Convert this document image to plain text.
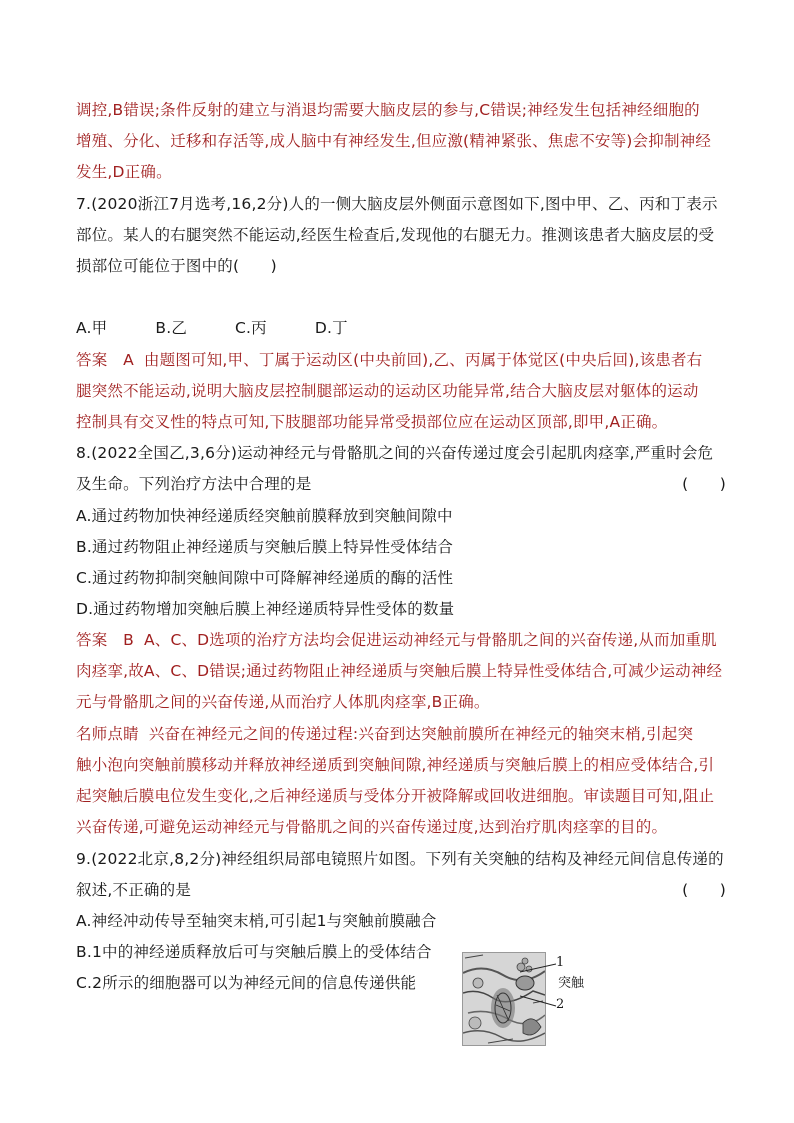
调控,B错误;条件反射的建立与消退均需要大脑皮层的参与,C错误;神经发生包括神经细胞的
增殖、分化、迁移和存活等,成人脑中有神经发生,但应激(精神紧张、焦虑不安等)会抑制神经
发生,D正确。
7.(2020浙江7月选考,16,2分)人的一侧大脑皮层外侧面示意图如下,图中甲、乙、丙和丁表示
部位。某人的右腿突然不能运动,经医生检查后,发现他的右腿无力。推测该患者大脑皮层的受
损部位可能位于图中的(　　)
A.甲	B.乙	C.丙	D.丁
答案　A 由题图可知,甲、丁属于运动区(中央前回),乙、丙属于体觉区(中央后回),该患者右
腿突然不能运动,说明大脑皮层控制腿部运动的运动区功能异常,结合大脑皮层对躯体的运动
控制具有交叉性的特点可知,下肢腿部功能异常受损部位应在运动区顶部,即甲,A正确。
8.(2022全国乙,3,6分)运动神经元与骨骼肌之间的兴奋传递过度会引起肌肉痉挛,严重时会危
及生命。下列治疗方法中合理的是	(　　)
A.通过药物加快神经递质经突触前膜释放到突触间隙中
B.通过药物阻止神经递质与突触后膜上特异性受体结合
C.通过药物抑制突触间隙中可降解神经递质的酶的活性
D.通过药物增加突触后膜上神经递质特异性受体的数量
答案　B A、C、D选项的治疗方法均会促进运动神经元与骨骼肌之间的兴奋传递,从而加重肌
肉痉挛,故A、C、D错误;通过药物阻止神经递质与突触后膜上特异性受体结合,可减少运动神经
元与骨骼肌之间的兴奋传递,从而治疗人体肌肉痉挛,B正确。
名师点睛 兴奋在神经元之间的传递过程:兴奋到达突触前膜所在神经元的轴突末梢,引起突
触小泡向突触前膜移动并释放神经递质到突触间隙,神经递质与突触后膜上的相应受体结合,引
起突触后膜电位发生变化,之后神经递质与受体分开被降解或回收进细胞。审读题目可知,阻止
兴奋传递,可避免运动神经元与骨骼肌之间的兴奋传递过度,达到治疗肌肉痉挛的目的。
9.(2022北京,8,2分)神经组织局部电镜照片如图。下列有关突触的结构及神经元间信息传递的
叙述,不正确的是	(　　)
A.神经冲动传导至轴突末梢,可引起1与突触前膜融合
B.1中的神经递质释放后可与突触后膜上的受体结合
C.2所示的细胞器可以为神经元间的信息传递供能
1
突触
2
